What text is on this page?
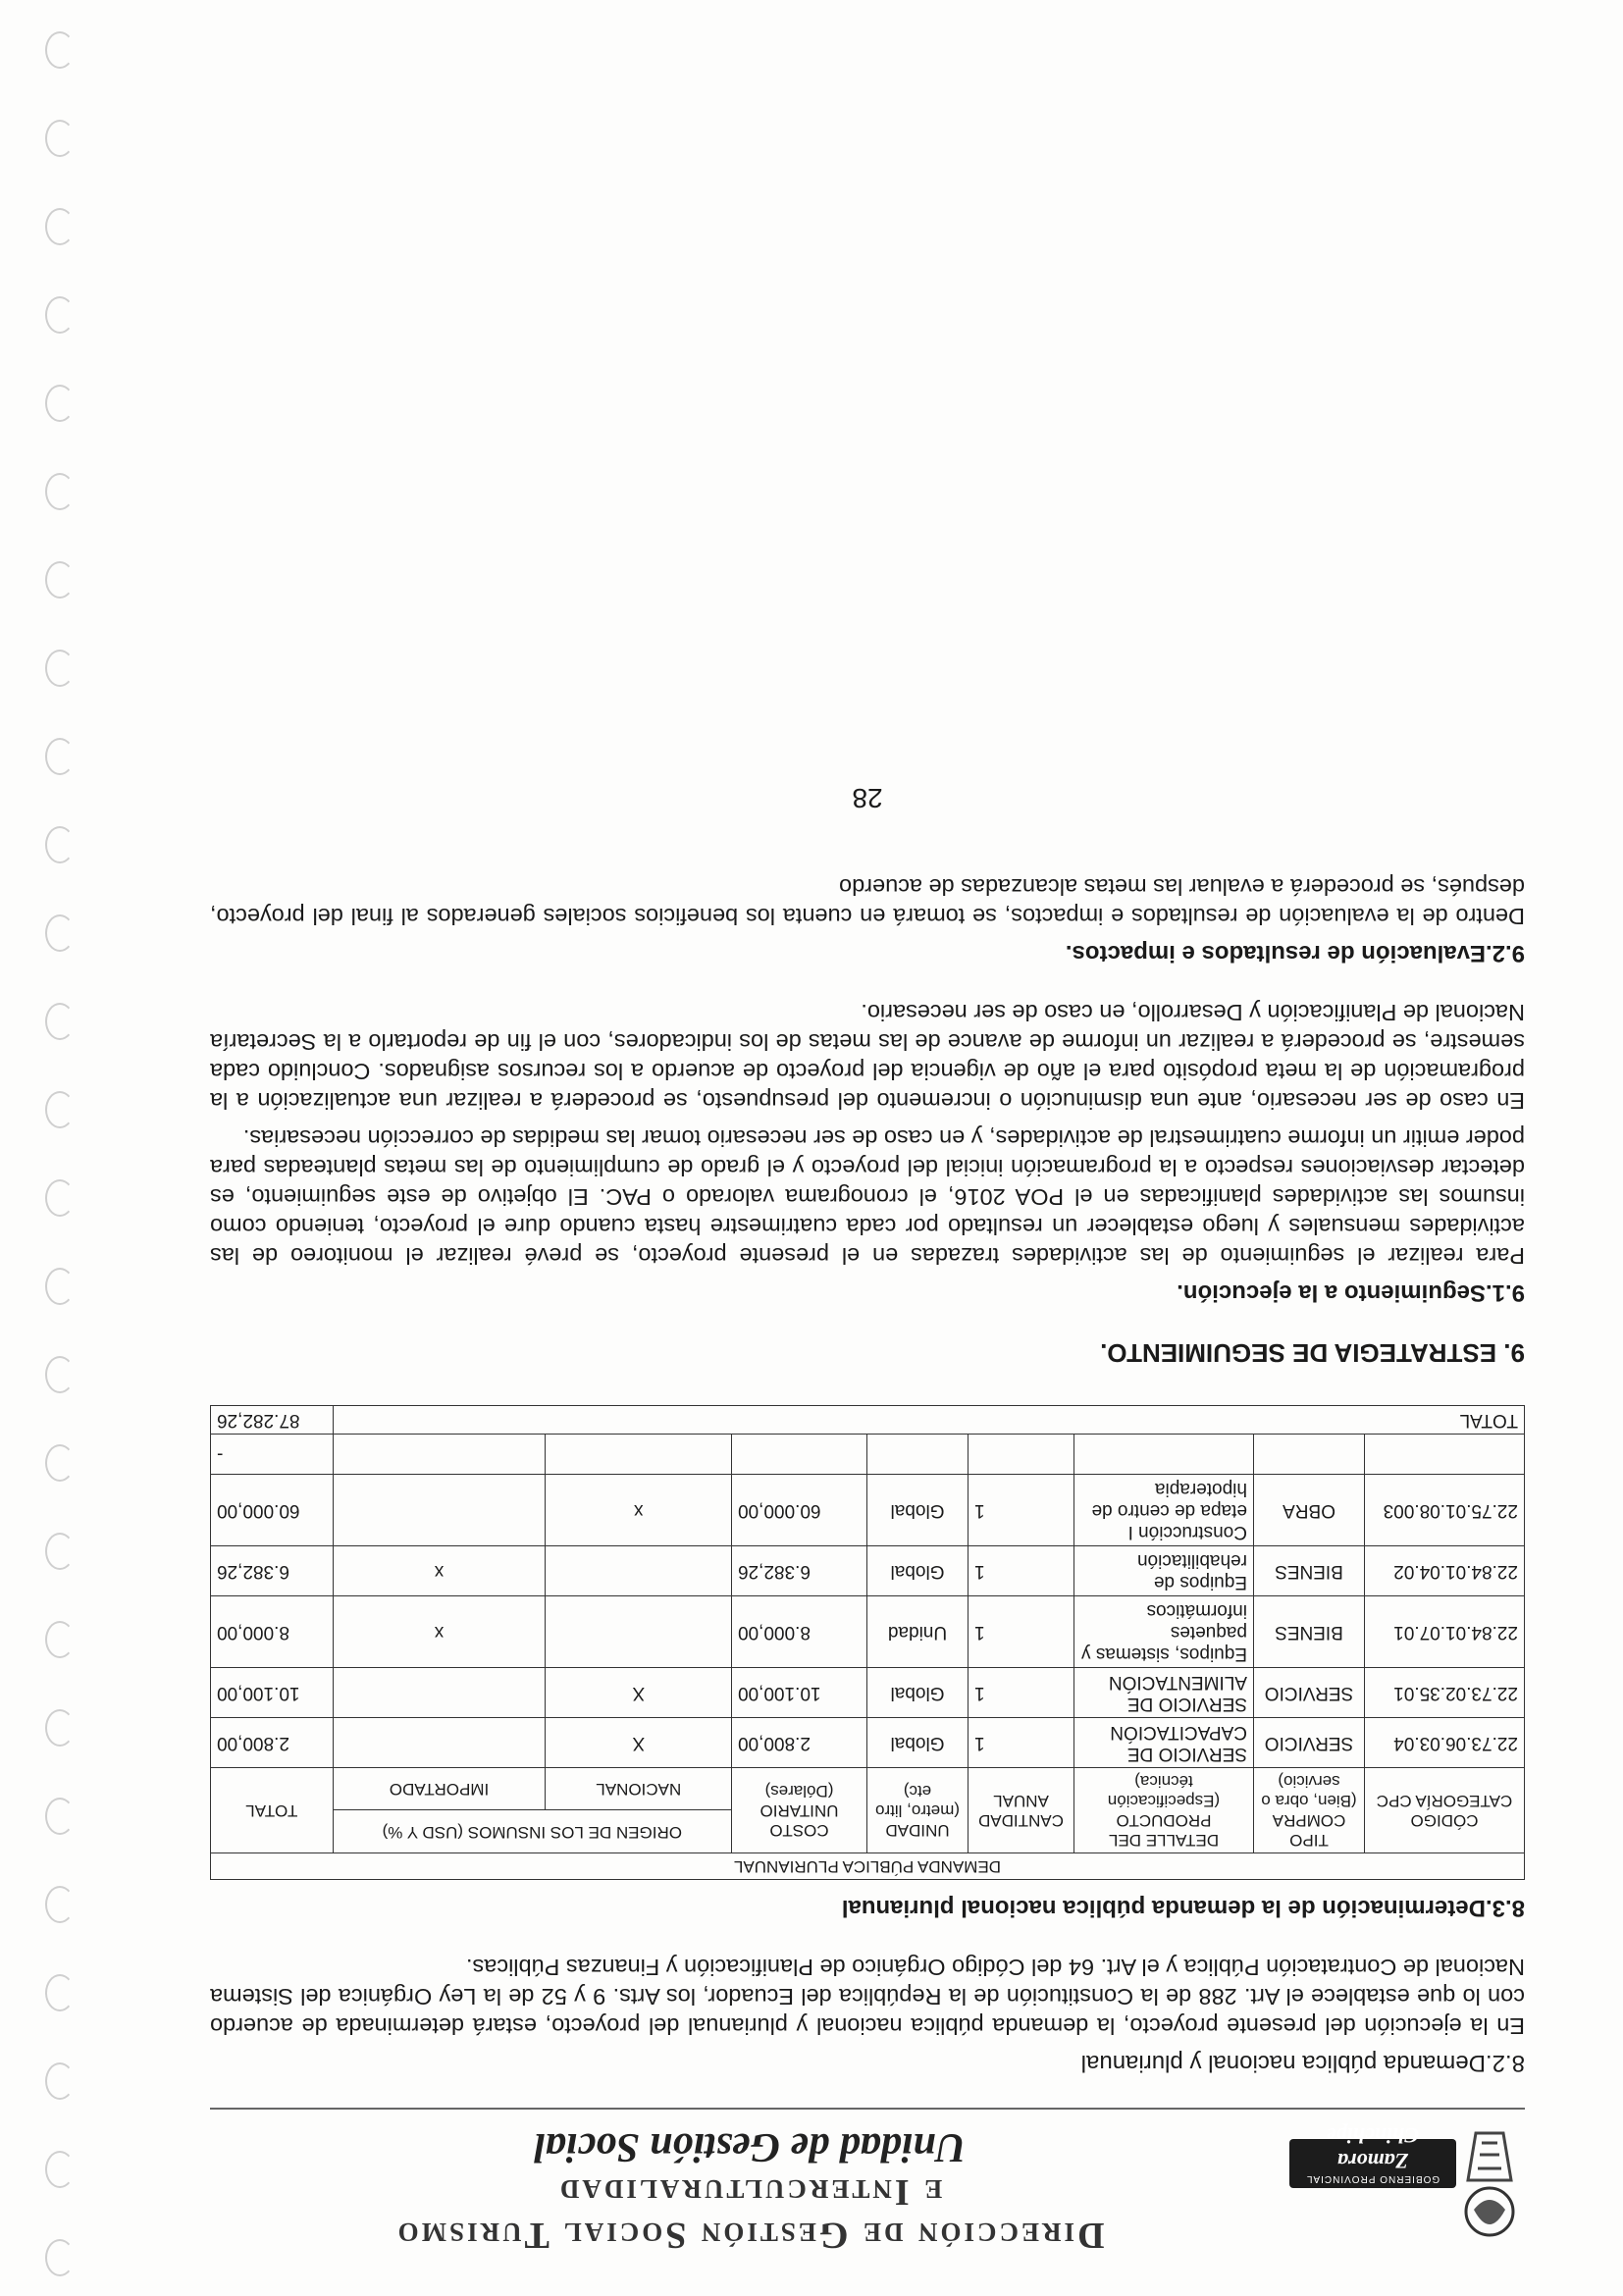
GOBIERNO PROVINCIAL
Zamora Chinchipe
Dirección de Gestión Social Turismo
e Interculturalidad
Unidad de Gestión Social
8.2.Demanda pública nacional y plurianual

En la ejecución del presente proyecto, la demanda pública nacional y plurianual del proyecto, estará determinada de acuerdo con lo que establece el Art. 288 de la Constitución de la República del Ecuador, los Arts. 9 y 52 de la Ley Orgánica del Sistema Nacional de Contratación Pública y el Art. 64 del Código Orgánico de Planificación y Finanzas Públicas.

8.3.Determinación de la demanda pública nacional plurianual
DEMANDA PÚBLICA PLURIANUAL								
CÓDIGO CATEGORÍA CPC	TIPO COMPRA (Bien, obra o servicio)	DETALLE DEL PRODUCTO (Especificación técnica)	CANTIDAD ANUAL	UNIDAD (metro, litro etc)	COSTO UNITARIO (Dólares)	ORIGEN DE LOS INSUMOS (USD Y %)		TOTAL
						NACIONAL	IMPORTADO	
22.73.06.03.04	SERVICIO	SERVICIO DE CAPACITACIÓN	1	Global	2.800,00	X		2.800,00
22.73.02.35.01	SERVICIO	SERVICIO DE ALIMENTACIÓN	1	Global	10.100,00	X		10.100,00
22.84.01.07.01	BIENES	Equipos, sistemas y paquetes informáticos	1	Unidad	8.000,00		x	8.000,00
22.84.01.04.02	BIENES	Equipos de rehabilitación	1	Global	6.382,26		x	6.382,26
22.75.01.08.003	OBRA	Construcción I etapa de centro de hipoterapia	1	Global	60.000,00	x		60.000,00
								-
TOTAL								87.282,26
9. ESTRATEGIA DE SEGUIMIENTO.
9.1.Seguimiento a la ejecución.

Para realizar el seguimiento de las actividades trazadas en el presente proyecto, se prevé realizar el monitoreo de las actividades mensuales y luego establecer un resultado por cada cuatrimestre hasta cuando dure el proyecto, teniendo como insumos las actividades planificadas en el POA 2016, el cronograma valorado o PAC. El objetivo de este seguimiento, es detectar desviaciones respecto a la programación inicial del proyecto y el grado de cumplimiento de las metas planteadas para poder emitir un informe cuatrimestral de actividades, y en caso de ser necesario tomar las medidas de corrección necesarias.

En caso de ser necesario, ante una disminución o incremento del presupuesto, se procederá a realizar una actualización a la programación de la meta propósito para el año de vigencia del proyecto de acuerdo a los recursos asignados. Concluido cada semestre, se procederá a realizar un informe de avance de las metas de los indicadores, con el fin de reportarlo a la Secretaría Nacional de Planificación y Desarrollo, en caso de ser necesario.

9.2.Evaluación de resultados e impactos.

Dentro de la evaluación de resultados e impactos, se tomará en cuenta los beneficios sociales generados al final del proyecto, después, se procederá a evaluar las metas alcanzadas de acuerdo

28
